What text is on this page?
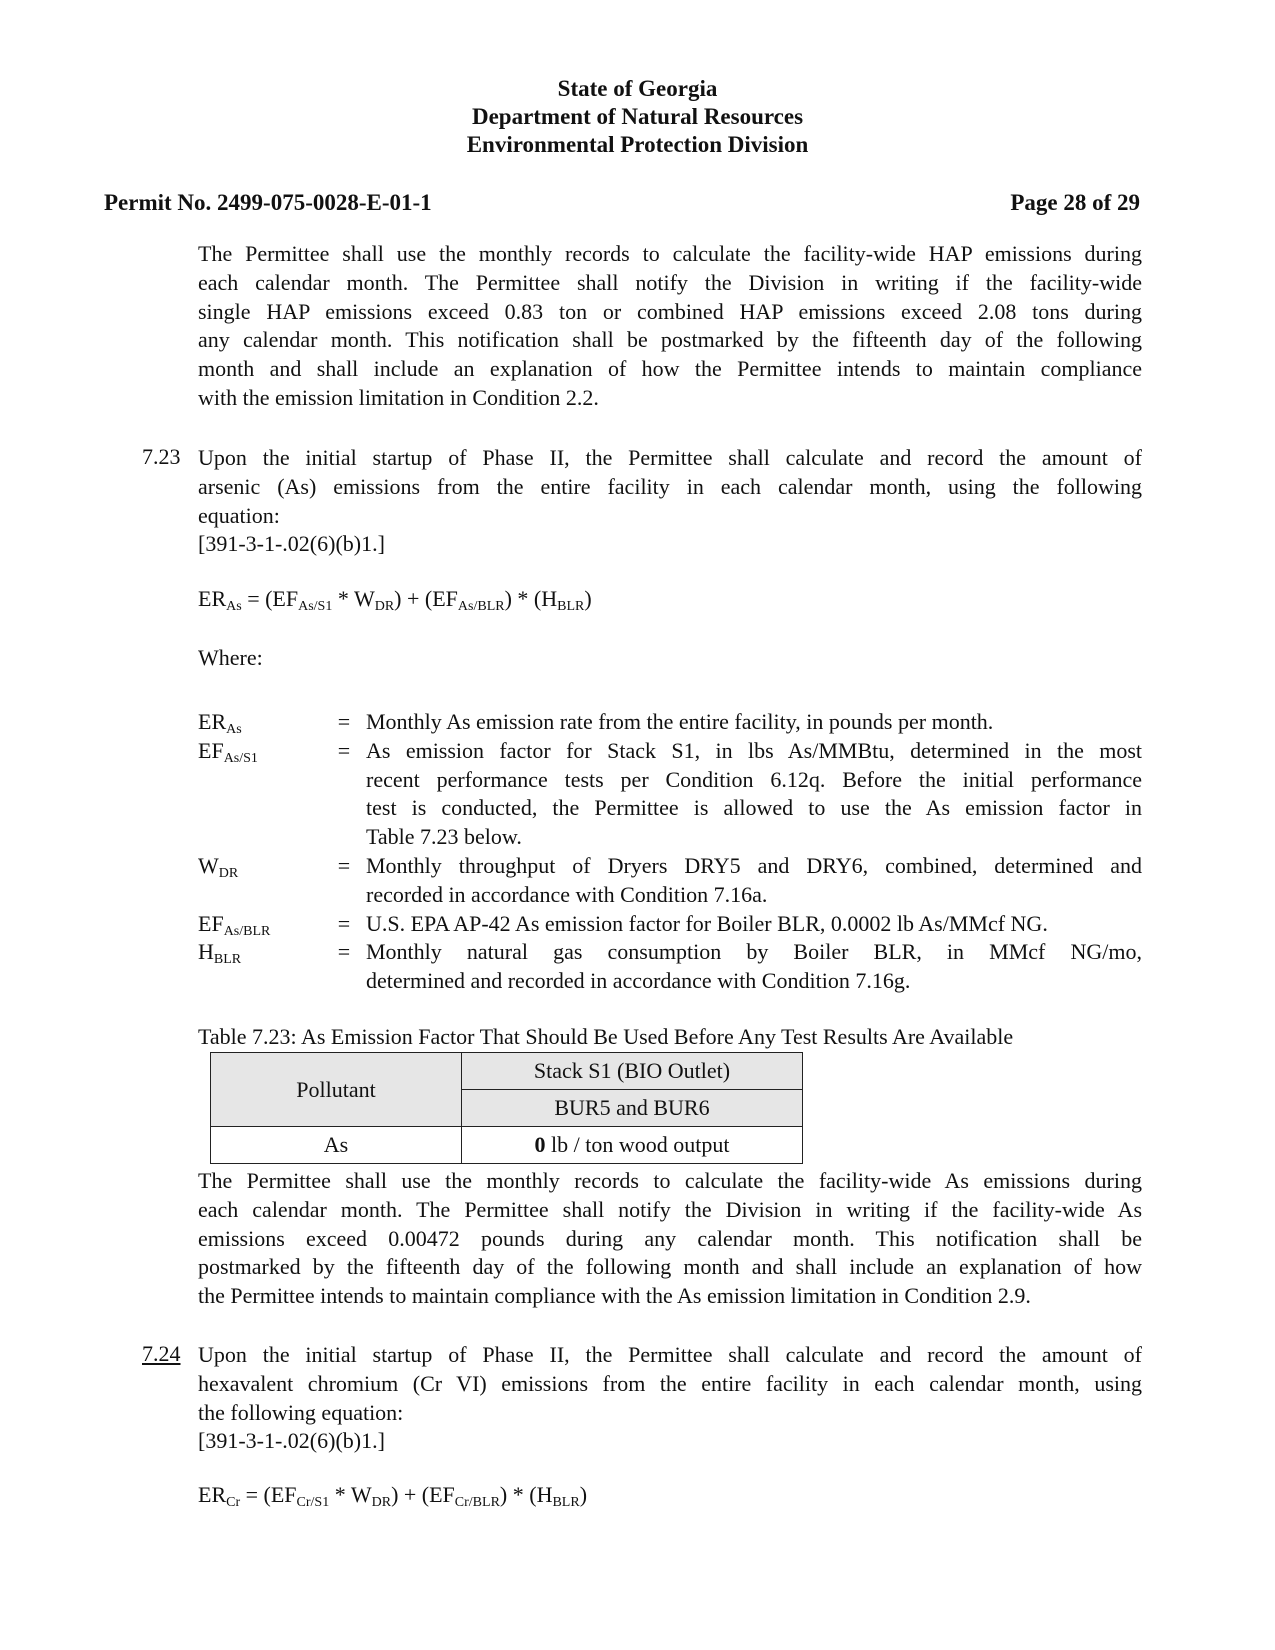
State of Georgia
Department of Natural Resources
Environmental Protection Division
Permit No. 2499-075-0028-E-01-1	Page 28 of 29
The Permittee shall use the monthly records to calculate the facility-wide HAP emissions during
each calendar month. The Permittee shall notify the Division in writing if the facility-wide
single HAP emissions exceed 0.83 ton or combined HAP emissions exceed 2.08 tons during
any calendar month. This notification shall be postmarked by the fifteenth day of the following
month and shall include an explanation of how the Permittee intends to maintain compliance
with the emission limitation in Condition 2.2.
7.23 Upon the initial startup of Phase II, the Permittee shall calculate and record the amount of
arsenic (As) emissions from the entire facility in each calendar month, using the following
equation:
[391-3-1-.02(6)(b)1.]
$ER_{As} = (EF_{As/S1} * W_{DR}) + (EF_{As/BLR}) * (H_{BLR})$
Where:
$ER_{As}$	= Monthly As emission rate from the entire facility, in pounds per month.
$EF_{As/S1}$	= As emission factor for Stack S1, in lbs As/MMBtu, determined in the most
recent performance tests per Condition 6.12q. Before the initial performance
test is conducted, the Permittee is allowed to use the As emission factor in
Table 7.23 below.
$W_{DR}$	= Monthly throughput of Dryers DRY5 and DRY6, combined, determined and
recorded in accordance with Condition 7.16a.
$EF_{As/BLR}$	= U.S. EPA AP-42 As emission factor for Boiler BLR, 0.0002 lb As/MMcf NG.
$H_{BLR}$	= Monthly natural gas consumption by Boiler BLR, in MMcf NG/mo,
determined and recorded in accordance with Condition 7.16g.
Table 7.23: As Emission Factor That Should Be Used Before Any Test Results Are Available
Pollutant	Stack S1 (BIO Outlet)
	BUR5 and BUR6
As	0 lb / ton wood output
The Permittee shall use the monthly records to calculate the facility-wide As emissions during
each calendar month. The Permittee shall notify the Division in writing if the facility-wide As
emissions exceed 0.00472 pounds during any calendar month. This notification shall be
postmarked by the fifteenth day of the following month and shall include an explanation of how
the Permittee intends to maintain compliance with the As emission limitation in Condition 2.9.
7.24 Upon the initial startup of Phase II, the Permittee shall calculate and record the amount of
hexavalent chromium (Cr VI) emissions from the entire facility in each calendar month, using
the following equation:
[391-3-1-.02(6)(b)1.]
$ER_{Cr} = (EF_{Cr/S1} * W_{DR}) + (EF_{Cr/BLR}) * (H_{BLR})$
